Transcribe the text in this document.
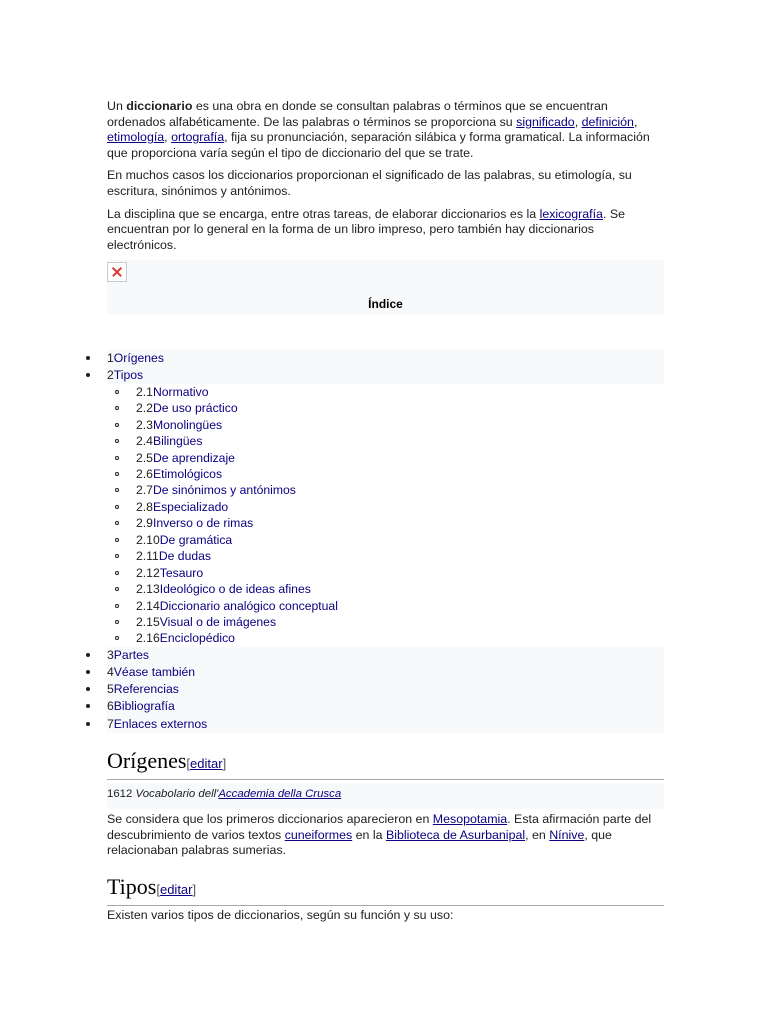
Un diccionario es una obra en donde se consultan palabras o términos que se encuentran ordenados alfabéticamente. De las palabras o términos se proporciona su significado, definición, etimología, ortografía, fija su pronunciación, separación silábica y forma gramatical. La información que proporciona varía según el tipo de diccionario del que se trate.

En muchos casos los diccionarios proporcionan el significado de las palabras, su etimología, su escritura, sinónimos y antónimos.

La disciplina que se encarga, entre otras tareas, de elaborar diccionarios es la lexicografía. Se encuentran por lo general en la forma de un libro impreso, pero también hay diccionarios electrónicos.

Índice
1Orígenes
2Tipos
2.1Normativo
2.2De uso práctico
2.3Monolingües
2.4Bilingües
2.5De aprendizaje
2.6Etimológicos
2.7De sinónimos y antónimos
2.8Especializado
2.9Inverso o de rimas
2.10De gramática
2.11De dudas
2.12Tesauro
2.13Ideológico o de ideas afines
2.14Diccionario analógico conceptual
2.15Visual o de imágenes
2.16Enciclopédico
3Partes
4Véase también
5Referencias
6Bibliografía
7Enlaces externos
Orígenes[editar]
1612 Vocabolario dell'Accademia della Crusca

Se considera que los primeros diccionarios aparecieron en Mesopotamia. Esta afirmación parte del descubrimiento de varios textos cuneiformes en la Biblioteca de Asurbanipal, en Nínive, que relacionaban palabras sumerias.

Tipos[editar]

Existen varios tipos de diccionarios, según su función y su uso:
